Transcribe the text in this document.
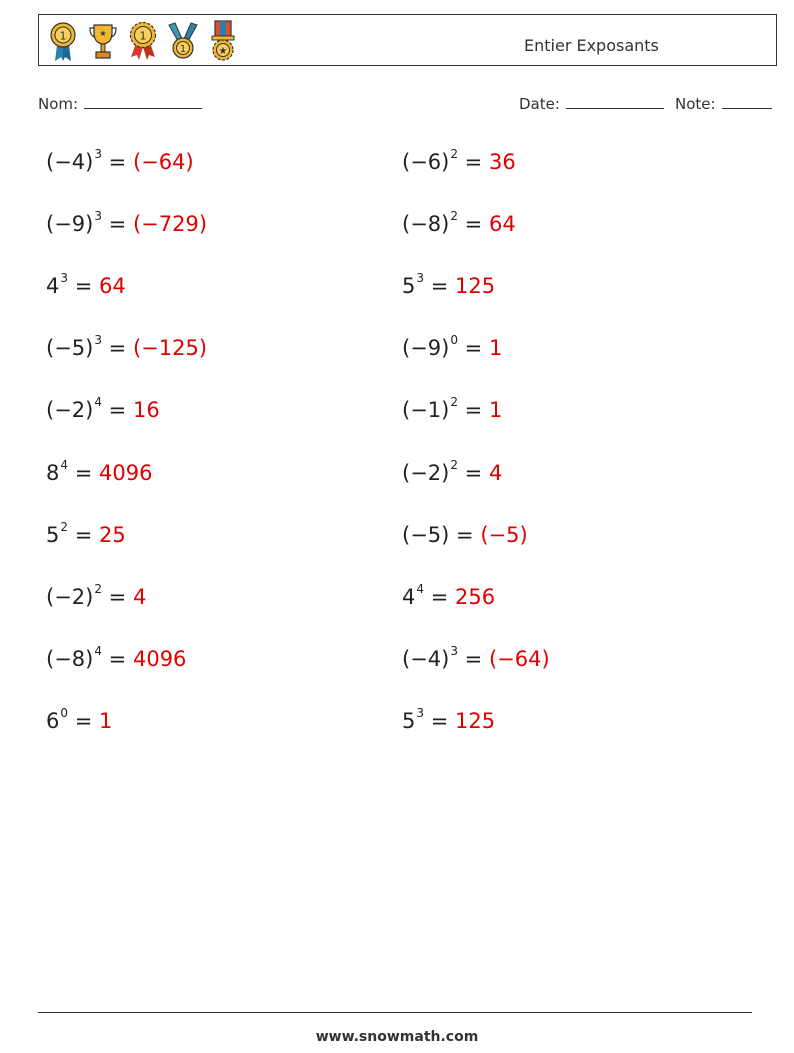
1	★	1
1	★	Entier Exposants
Nom:	Date:	Note:
$(-4)^3 = (-64)$	$(-6)^2 = 36$
$(-9)^3 = (-729)$	$(-8)^2 = 64$
$4^3 = 64$	$5^3 = 125$
$(-5)^3 = (-125)$	$(-9)^0 = 1$
$(-2)^4 = 16$	$(-1)^2 = 1$
$8^4 = 4096$	$(-2)^2 = 4$
$5^2 = 25$	(−5) = (−5)
$(-2)^2 = 4$	$4^4 = 256$
$(-8)^4 = 4096$	$(-4)^3 = (-64)$
$6^0 = 1$	$5^3 = 125$
www.snowmath.com
